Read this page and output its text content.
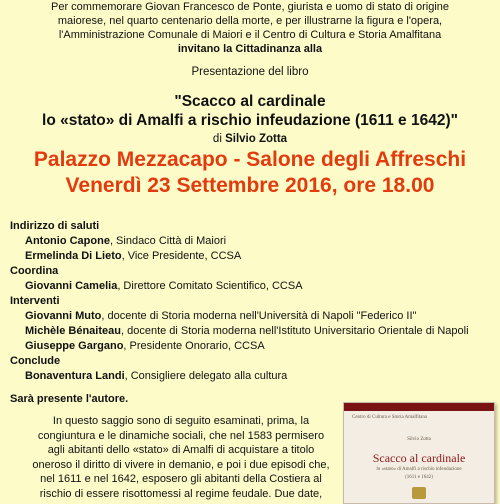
Per commemorare Giovan Francesco de Ponte, giurista e uomo di stato di origine
maiorese, nel quarto centenario della morte, e per illustrarne la figura e l'opera,
l'Amministrazione Comunale di Maiori e il Centro di Cultura e Storia Amalfitana
invitano la Cittadinanza alla
Presentazione del libro
"Scacco al cardinale
lo «stato» di Amalfi a rischio infeudazione (1611 e 1642)"
di Silvio Zotta
Palazzo Mezzacapo - Salone degli Affreschi
Venerdì 23 Settembre 2016, ore 18.00
Indirizzo di saluti
Antonio Capone, Sindaco Città di Maiori
Ermelinda Di Lieto, Vice Presidente, CCSA
Coordina
Giovanni Camelia, Direttore Comitato Scientifico, CCSA
Interventi
Giovanni Muto, docente di Storia moderna nell'Università di Napoli "Federico II"
Michèle Bénaiteau, docente di Storia moderna nell'Istituto Universitario Orientale di Napoli
Giuseppe Gargano, Presidente Onorario, CCSA
Conclude
Bonaventura Landi, Consigliere delegato alla cultura
Sarà presente l'autore.
In questo saggio sono di seguito esaminati, prima, la congiuntura e le dinamiche sociali, che nel 1583 permisero agli abitanti dello «stato» di Amalfi di acquistare a titolo oneroso il diritto di vivere in demanio, e poi i due episodi che, nel 1611 e nel 1642, esposero gli abitanti della Costiera al rischio di essere risottomessi al regime feudale. Due date,
Centro di Cultura e Storia Amalfitana
Silvio Zotta
Scacco al cardinale
lo «stato» di Amalfi a rischio infeudazione
(1611 e 1642)
